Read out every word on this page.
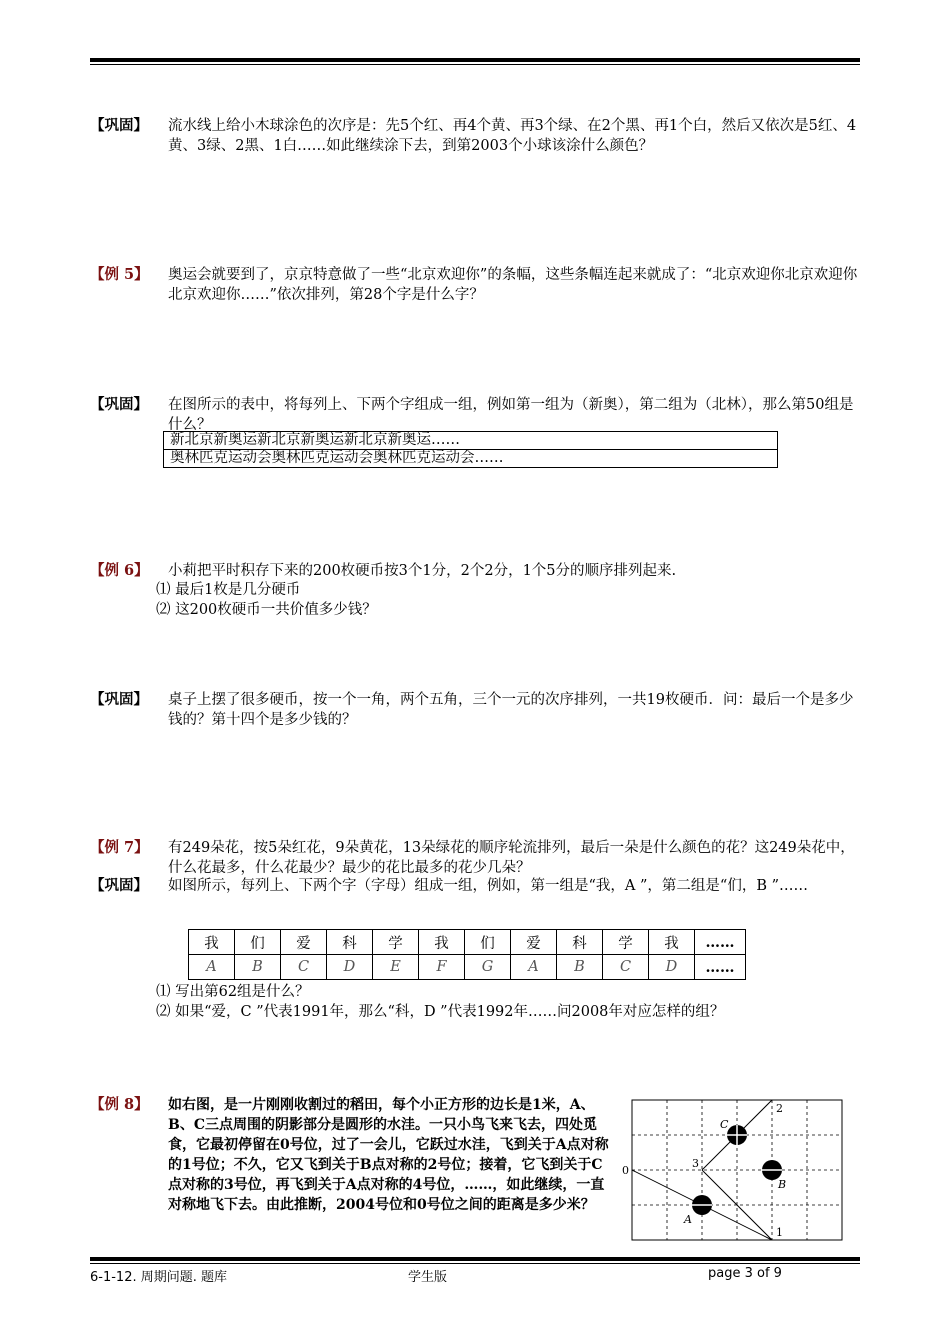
【巩固】 流水线上给小木球涂色的次序是：先5个红、再4个黄、再3个绿、在2个黑、再1个白，然后又依次是5红、4黄、3绿、2黑、1白……如此继续涂下去，到第2003个小球该涂什么颜色？
【例 5】 奥运会就要到了，京京特意做了一些“北京欢迎你”的条幅，这些条幅连起来就成了：“北京欢迎你北京欢迎你北京欢迎你……”依次排列，第28个字是什么字？
【巩固】 在图所示的表中，将每列上、下两个字组成一组，例如第一组为（新奥），第二组为（北林），那么第50组是什么？
新北京新奥运新北京新奥运新北京新奥运……
奥林匹克运动会奥林匹克运动会奥林匹克运动会……
【例 6】 小莉把平时积存下来的200枚硬币按3个1分，2个2分，1个5分的顺序排列起来.
⑴ 最后1枚是几分硬币
⑵ 这200枚硬币一共价值多少钱？
【巩固】 桌子上摆了很多硬币，按一个一角，两个五角，三个一元的次序排列，一共19枚硬币．问：最后一个是多少钱的？第十四个是多少钱的？
【例 7】 有249朵花，按5朵红花，9朵黄花，13朵绿花的顺序轮流排列，最后一朵是什么颜色的花？这249朵花中，什么花最多，什么花最少？最少的花比最多的花少几朵？
【巩固】 如图所示，每列上、下两个字（字母）组成一组，例如，第一组是“我，A ”，第二组是“们，B ”……
我	们	爱	科	学	我	们	爱	科	学	我	……
A	B	C	D	E	F	G	A	B	C	D	……
⑴ 写出第62组是什么？
⑵ 如果“爱，C ”代表1991年，那么“科，D ”代表1992年……问2008年对应怎样的组？
【例 8】 如右图，是一片刚刚收割过的稻田，每个小正方形的边长是1米，A、B、C三点周围的阴影部分是圆形的水洼。一只小鸟飞来飞去，四处觅食，它最初停留在0号位，过了一会儿，它跃过水洼，飞到关于A点对称的1号位；不久，它又飞到关于B点对称的2号位；接着，它飞到关于C点对称的3号位，再飞到关于A点对称的4号位，……，如此继续，一直对称地飞下去。由此推断，2004号位和0号位之间的距离是多少米？
0
1
2
3
A
B
C
6-1-12. 周期问题. 题库	学生版	page 3 of 9
